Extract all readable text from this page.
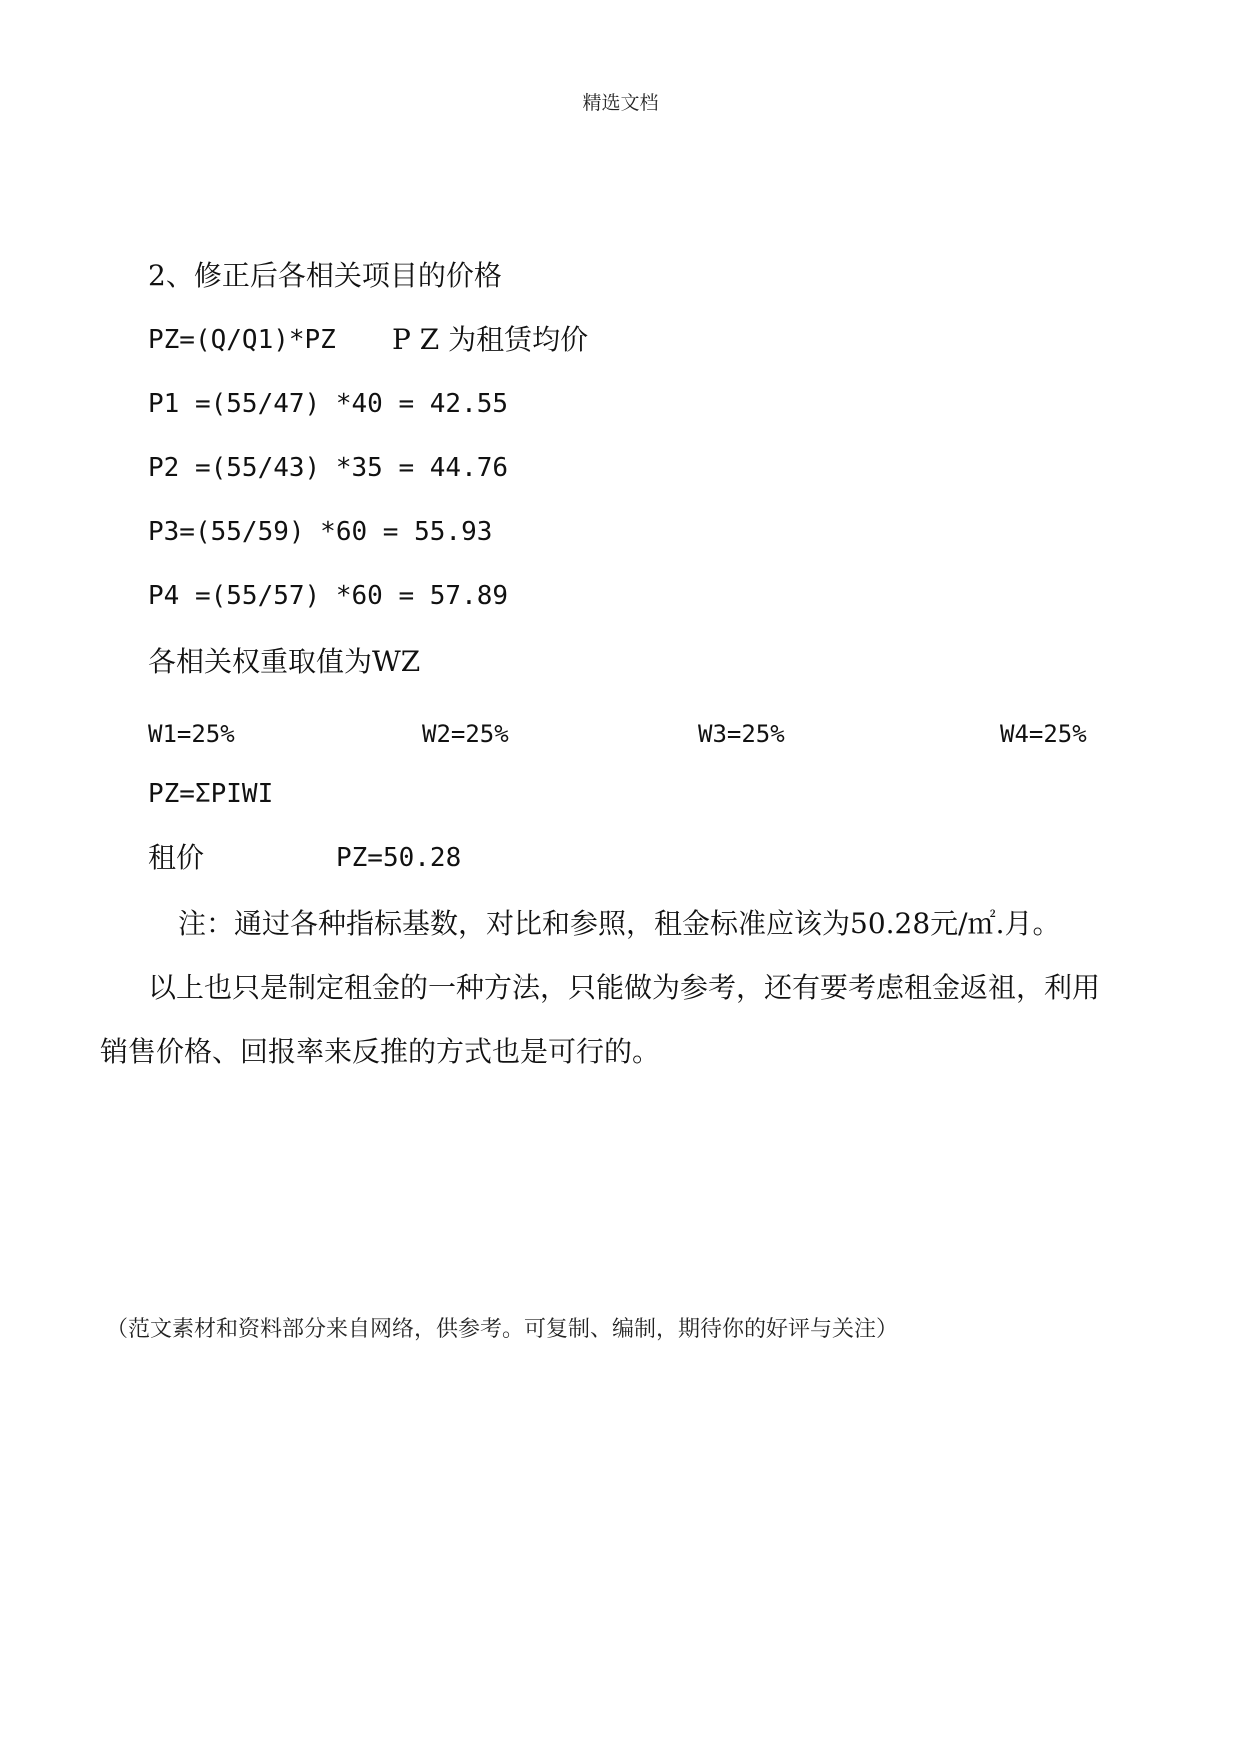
精选文档
2、修正后各相关项目的价格
PZ=(Q/Q1)*PZ P Z 为租赁均价
P1 =(55/47) *40 = 42.55
P2 =(55/43) *35 = 44.76
P3=(55/59) *60 = 55.93
P4 =(55/57) *60 = 57.89
各相关权重取值为WZ
W1=25%	W2=25%	W3=25%	W4=25%
PZ=ΣPIWI
租价	PZ=50.28
注：通过各种指标基数，对比和参照，租金标准应该为50.28元/㎡.月。
以上也只是制定租金的一种方法，只能做为参考，还有要考虑租金返祖，利用
销售价格、回报率来反推的方式也是可行的。
（范文素材和资料部分来自网络，供参考。可复制、编制，期待你的好评与关注）
